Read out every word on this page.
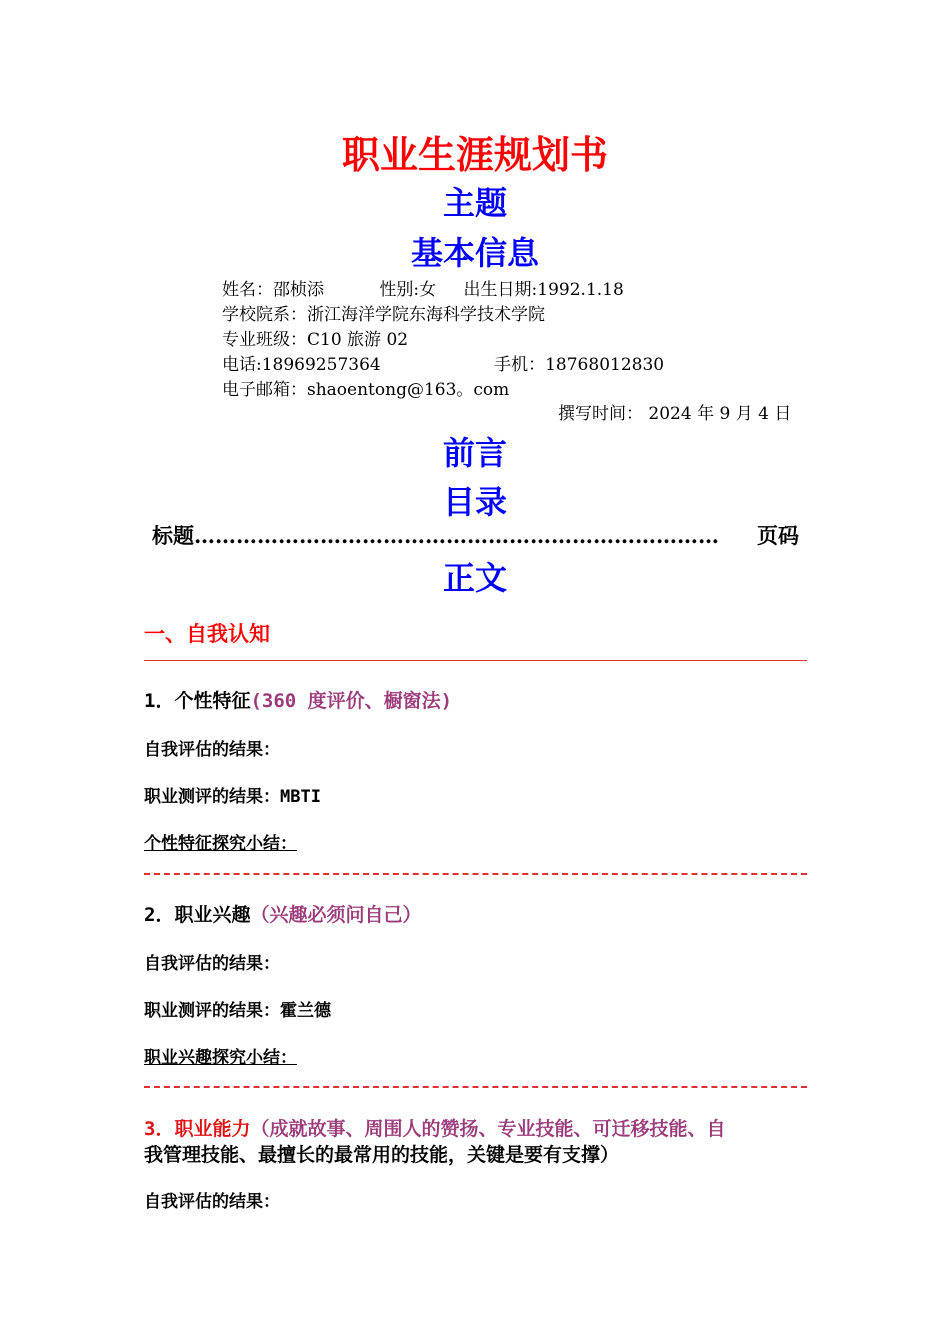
职业生涯规划书
主题
基本信息
姓名：邵桢添	性别:女 出生日期:1992.1.18
学校院系：浙江海洋学院东海科学技术学院
专业班级：C10 旅游 02
电话:18969257364	手机：18768012830
电子邮箱：shaoentong@163。com
撰写时间： 2024 年 9 月 4 日
前言
目录
标题 …………………………………………………………………	页码
正文
一、自我认知
1．个性特征(360 度评价、橱窗法)
自我评估的结果：
职业测评的结果：MBTI
个性特征探究小结：
2．职业兴趣（兴趣必须问自己）
自我评估的结果：
职业测评的结果：霍兰德
职业兴趣探究小结：
3．职业能力（成就故事、周围人的赞扬、专业技能、可迁移技能、自
我管理技能、最擅长的最常用的技能，关键是要有支撑）
自我评估的结果：
